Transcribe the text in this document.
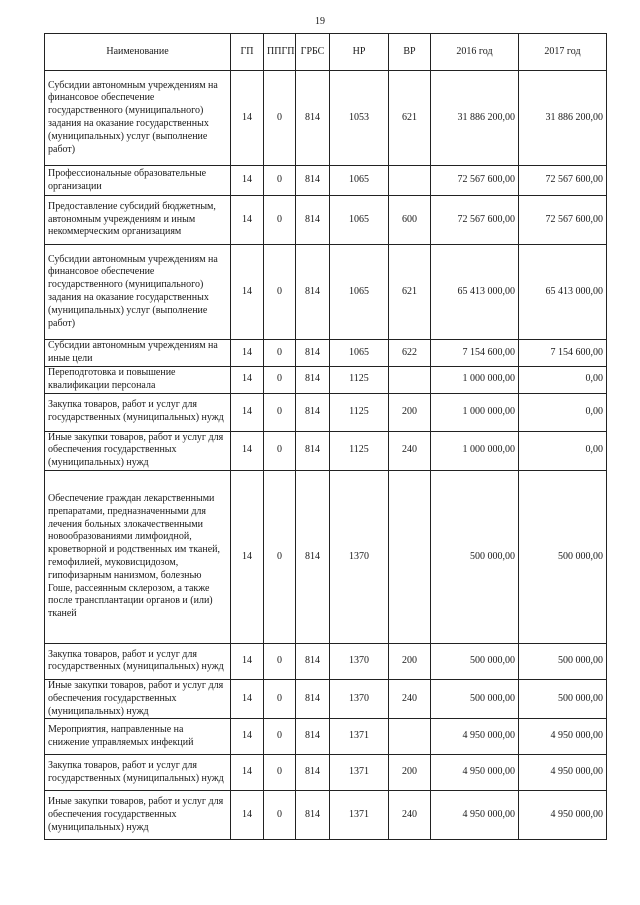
19
Наименование	ГП	ППГП	ГРБС	НР	ВР	2016 год	2017 год
Субсидии автономным учреждениям на финансовое обеспечение государственного (муниципального) задания на оказание государственных (муниципальных) услуг (выполнение работ)	14	0	814	1053	621	31 886 200,00	31 886 200,00
Профессиональные образовательные организации	14	0	814	1065		72 567 600,00	72 567 600,00
Предоставление субсидий бюджетным, автономным учреждениям и иным некоммерческим организациям	14	0	814	1065	600	72 567 600,00	72 567 600,00
Субсидии автономным учреждениям на финансовое обеспечение государственного (муниципального) задания на оказание государственных (муниципальных) услуг (выполнение работ)	14	0	814	1065	621	65 413 000,00	65 413 000,00
Субсидии автономным учреждениям на иные цели	14	0	814	1065	622	7 154 600,00	7 154 600,00
Переподготовка и повышение квалификации персонала	14	0	814	1125		1 000 000,00	0,00
Закупка товаров, работ и услуг для государственных (муниципальных) нужд	14	0	814	1125	200	1 000 000,00	0,00
Иные закупки товаров, работ и услуг для обеспечения государственных (муниципальных) нужд	14	0	814	1125	240	1 000 000,00	0,00
Обеспечение граждан лекарственными препаратами, предназначенными для лечения больных злокачественными новообразованиями лимфоидной, кроветворной и родственных им тканей, гемофилией, муковисцидозом, гипофизарным нанизмом, болезнью Гоше, рассеянным склерозом, а также после трансплантации органов и (или) тканей	14	0	814	1370		500 000,00	500 000,00
Закупка товаров, работ и услуг для государственных (муниципальных) нужд	14	0	814	1370	200	500 000,00	500 000,00
Иные закупки товаров, работ и услуг для обеспечения государственных (муниципальных) нужд	14	0	814	1370	240	500 000,00	500 000,00
Мероприятия, направленные на снижение управляемых инфекций	14	0	814	1371		4 950 000,00	4 950 000,00
Закупка товаров, работ и услуг для государственных (муниципальных) нужд	14	0	814	1371	200	4 950 000,00	4 950 000,00
Иные закупки товаров, работ и услуг для обеспечения государственных (муниципальных) нужд	14	0	814	1371	240	4 950 000,00	4 950 000,00
